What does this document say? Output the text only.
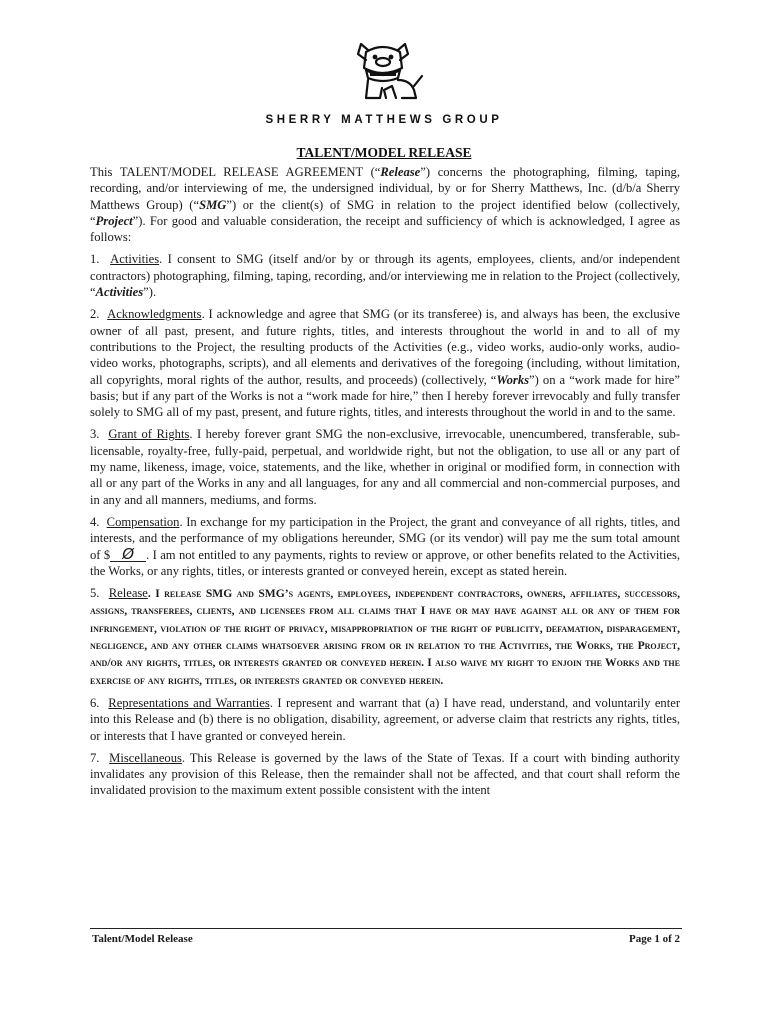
SHERRY MATTHEWS GROUP
TALENT/MODEL RELEASE

This TALENT/MODEL RELEASE AGREEMENT (“Release”) concerns the photographing, filming, taping, recording, and/or interviewing of me, the undersigned individual, by or for Sherry Matthews, Inc. (d/b/a Sherry Matthews Group) (“SMG”) or the client(s) of SMG in relation to the project identified below (collectively, “Project”). For good and valuable consideration, the receipt and sufficiency of which is acknowledged, I agree as follows:

1. Activities. I consent to SMG (itself and/or by or through its agents, employees, clients, and/or independent contractors) photographing, filming, taping, recording, and/or interviewing me in relation to the Project (collectively, “Activities”).

2. Acknowledgments. I acknowledge and agree that SMG (or its transferee) is, and always has been, the exclusive owner of all past, present, and future rights, titles, and interests throughout the world in and to all of my contributions to the Project, the resulting products of the Activities (e.g., video works, audio-only works, audio-video works, photographs, scripts), and all elements and derivatives of the foregoing (including, without limitation, all copyrights, moral rights of the author, results, and proceeds) (collectively, “Works”) on a “work made for hire” basis; but if any part of the Works is not a “work made for hire,” then I hereby forever irrevocably and fully transfer solely to SMG all of my past, present, and future rights, titles, and interests throughout the world in and to the same.

3. Grant of Rights. I hereby forever grant SMG the non-exclusive, irrevocable, unencumbered, transferable, sub-licensable, royalty-free, fully-paid, perpetual, and worldwide right, but not the obligation, to use all or any part of my name, likeness, image, voice, statements, and the like, whether in original or modified form, in connection with all or any part of the Works in any and all languages, for any and all commercial and non-commercial purposes, and in any and all manners, mediums, and forms.

4. Compensation. In exchange for my participation in the Project, the grant and conveyance of all rights, titles, and interests, and the performance of my obligations hereunder, SMG (or its vendor) will pay me the sum total amount of $ Ø . I am not entitled to any payments, rights to review or approve, or other benefits related to the Activities, the Works, or any rights, titles, or interests granted or conveyed herein, except as stated herein.

5. Release. I release SMG and SMG’s agents, employees, independent contractors, owners, affiliates, successors, assigns, transferees, clients, and licensees from all claims that I have or may have against all or any of them for infringement, violation of the right of privacy, misappropriation of the right of publicity, defamation, disparagement, negligence, and any other claims whatsoever arising from or in relation to the Activities, the Works, the Project, and/or any rights, titles, or interests granted or conveyed herein. I also waive my right to enjoin the Works and the exercise of any rights, titles, or interests granted or conveyed herein.

6. Representations and Warranties. I represent and warrant that (a) I have read, understand, and voluntarily enter into this Release and (b) there is no obligation, disability, agreement, or adverse claim that restricts any rights, titles, or interests that I have granted or conveyed herein.

7. Miscellaneous. This Release is governed by the laws of the State of Texas. If a court with binding authority invalidates any provision of this Release, then the remainder shall not be affected, and that court shall reform the invalidated provision to the maximum extent possible consistent with the intent

Talent/Model Release	Page 1 of 2
